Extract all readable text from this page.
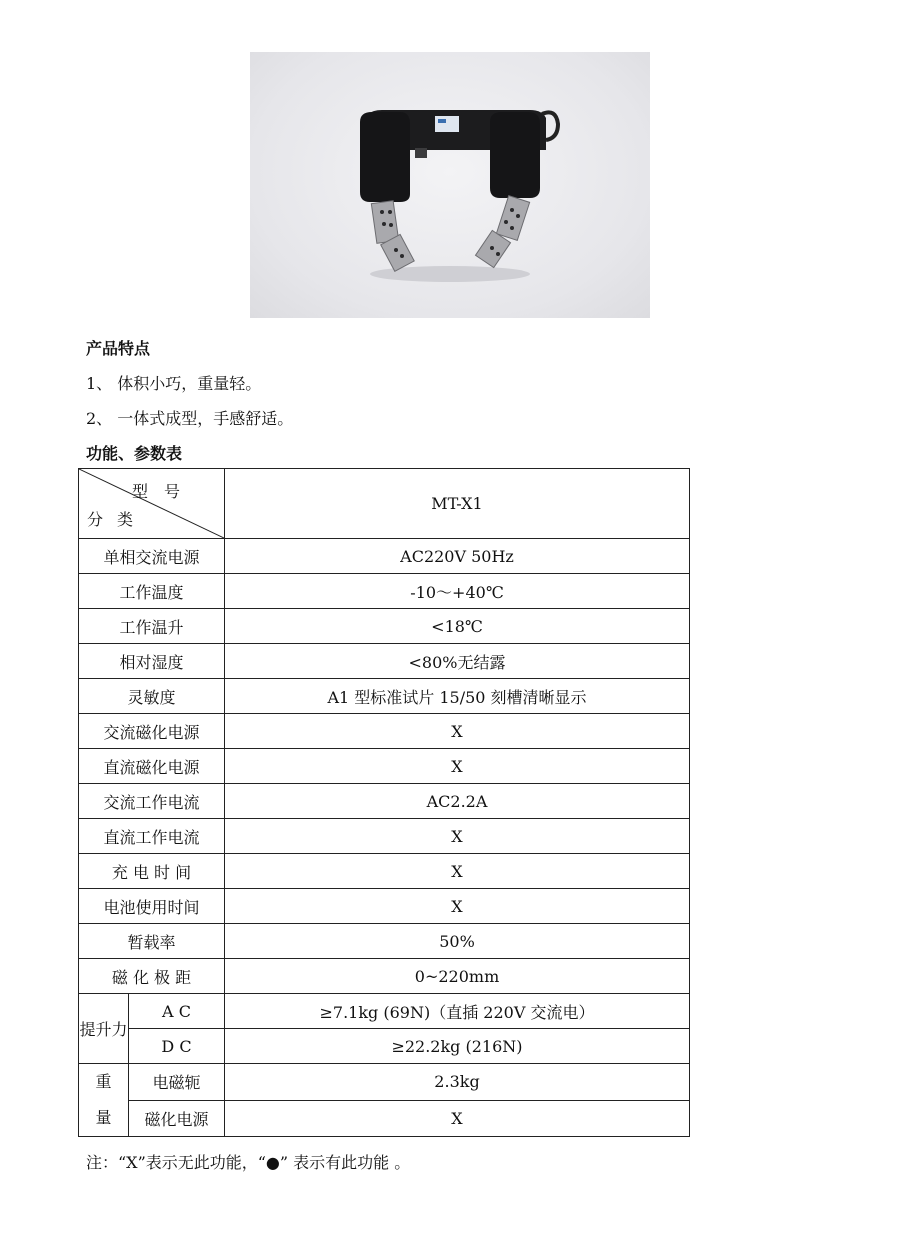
产品特点
1、 体积小巧，重量轻。
2、 一体式成型，手感舒适。
功能、参数表
型号
分类		MT-X1
单相交流电源		AC220V 50Hz
工作温度		-10～+40℃
工作温升		<18℃
相对湿度		<80%无结露
灵敏度		A1 型标准试片 15/50 刻槽清晰显示
交流磁化电源		X
直流磁化电源		X
交流工作电流		AC2.2A
直流工作电流		X
充 电 时 间		X
电池使用时间		X
暂载率		50%
磁 化 极 距		0~220mm
提升力	A C	≥7.1kg (69N)（直插 220V 交流电）
	D C	≥22.2kg (216N)

重
量	电磁轭	2.3kg
	磁化电源	X
注：“X”表示无此功能，“●” 表示有此功能 。
